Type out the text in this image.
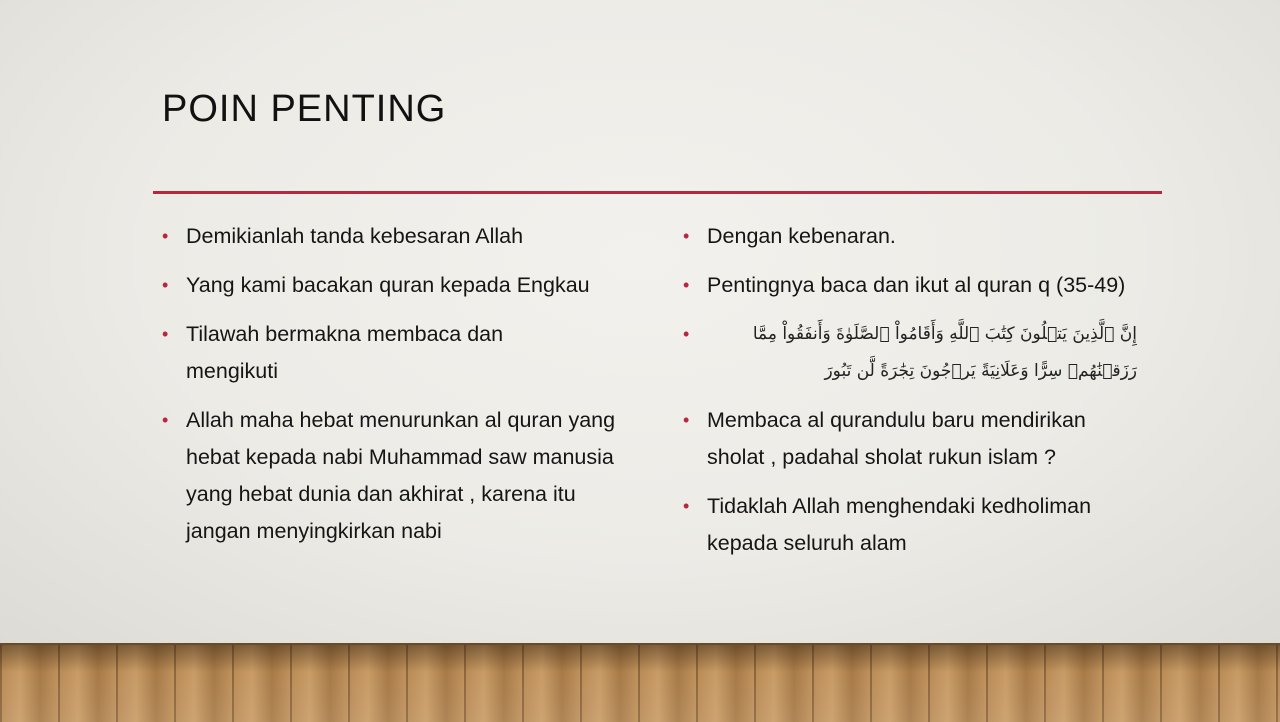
POIN PENTING
• Demikianlah tanda kebesaran Allah
• Yang kami bacakan quran kepada Engkau
• Tilawah bermakna membaca dan mengikuti
• Allah maha hebat menurunkan al quran yang hebat kepada nabi Muhammad saw manusia yang hebat dunia dan akhirat , karena itu jangan menyingkirkan nabi
• Dengan kebenaran.
• Pentingnya baca dan ikut al quran q (35-49)
•	إِنَّ ٱلَّذِينَ يَتۡلُونَ كِتَٰبَ ٱللَّهِ وَأَقَامُواْ ٱلصَّلَوٰةَ وَأَنفَقُواْ مِمَّا رَزَقۡنَٰهُمۡ سِرًّا وَعَلَانِيَةً يَرۡجُونَ تِجَٰرَةً لَّن تَبُورَ
• Membaca al qurandulu baru mendirikan sholat , padahal sholat rukun islam ?
• Tidaklah Allah menghendaki kedholiman kepada seluruh alam
